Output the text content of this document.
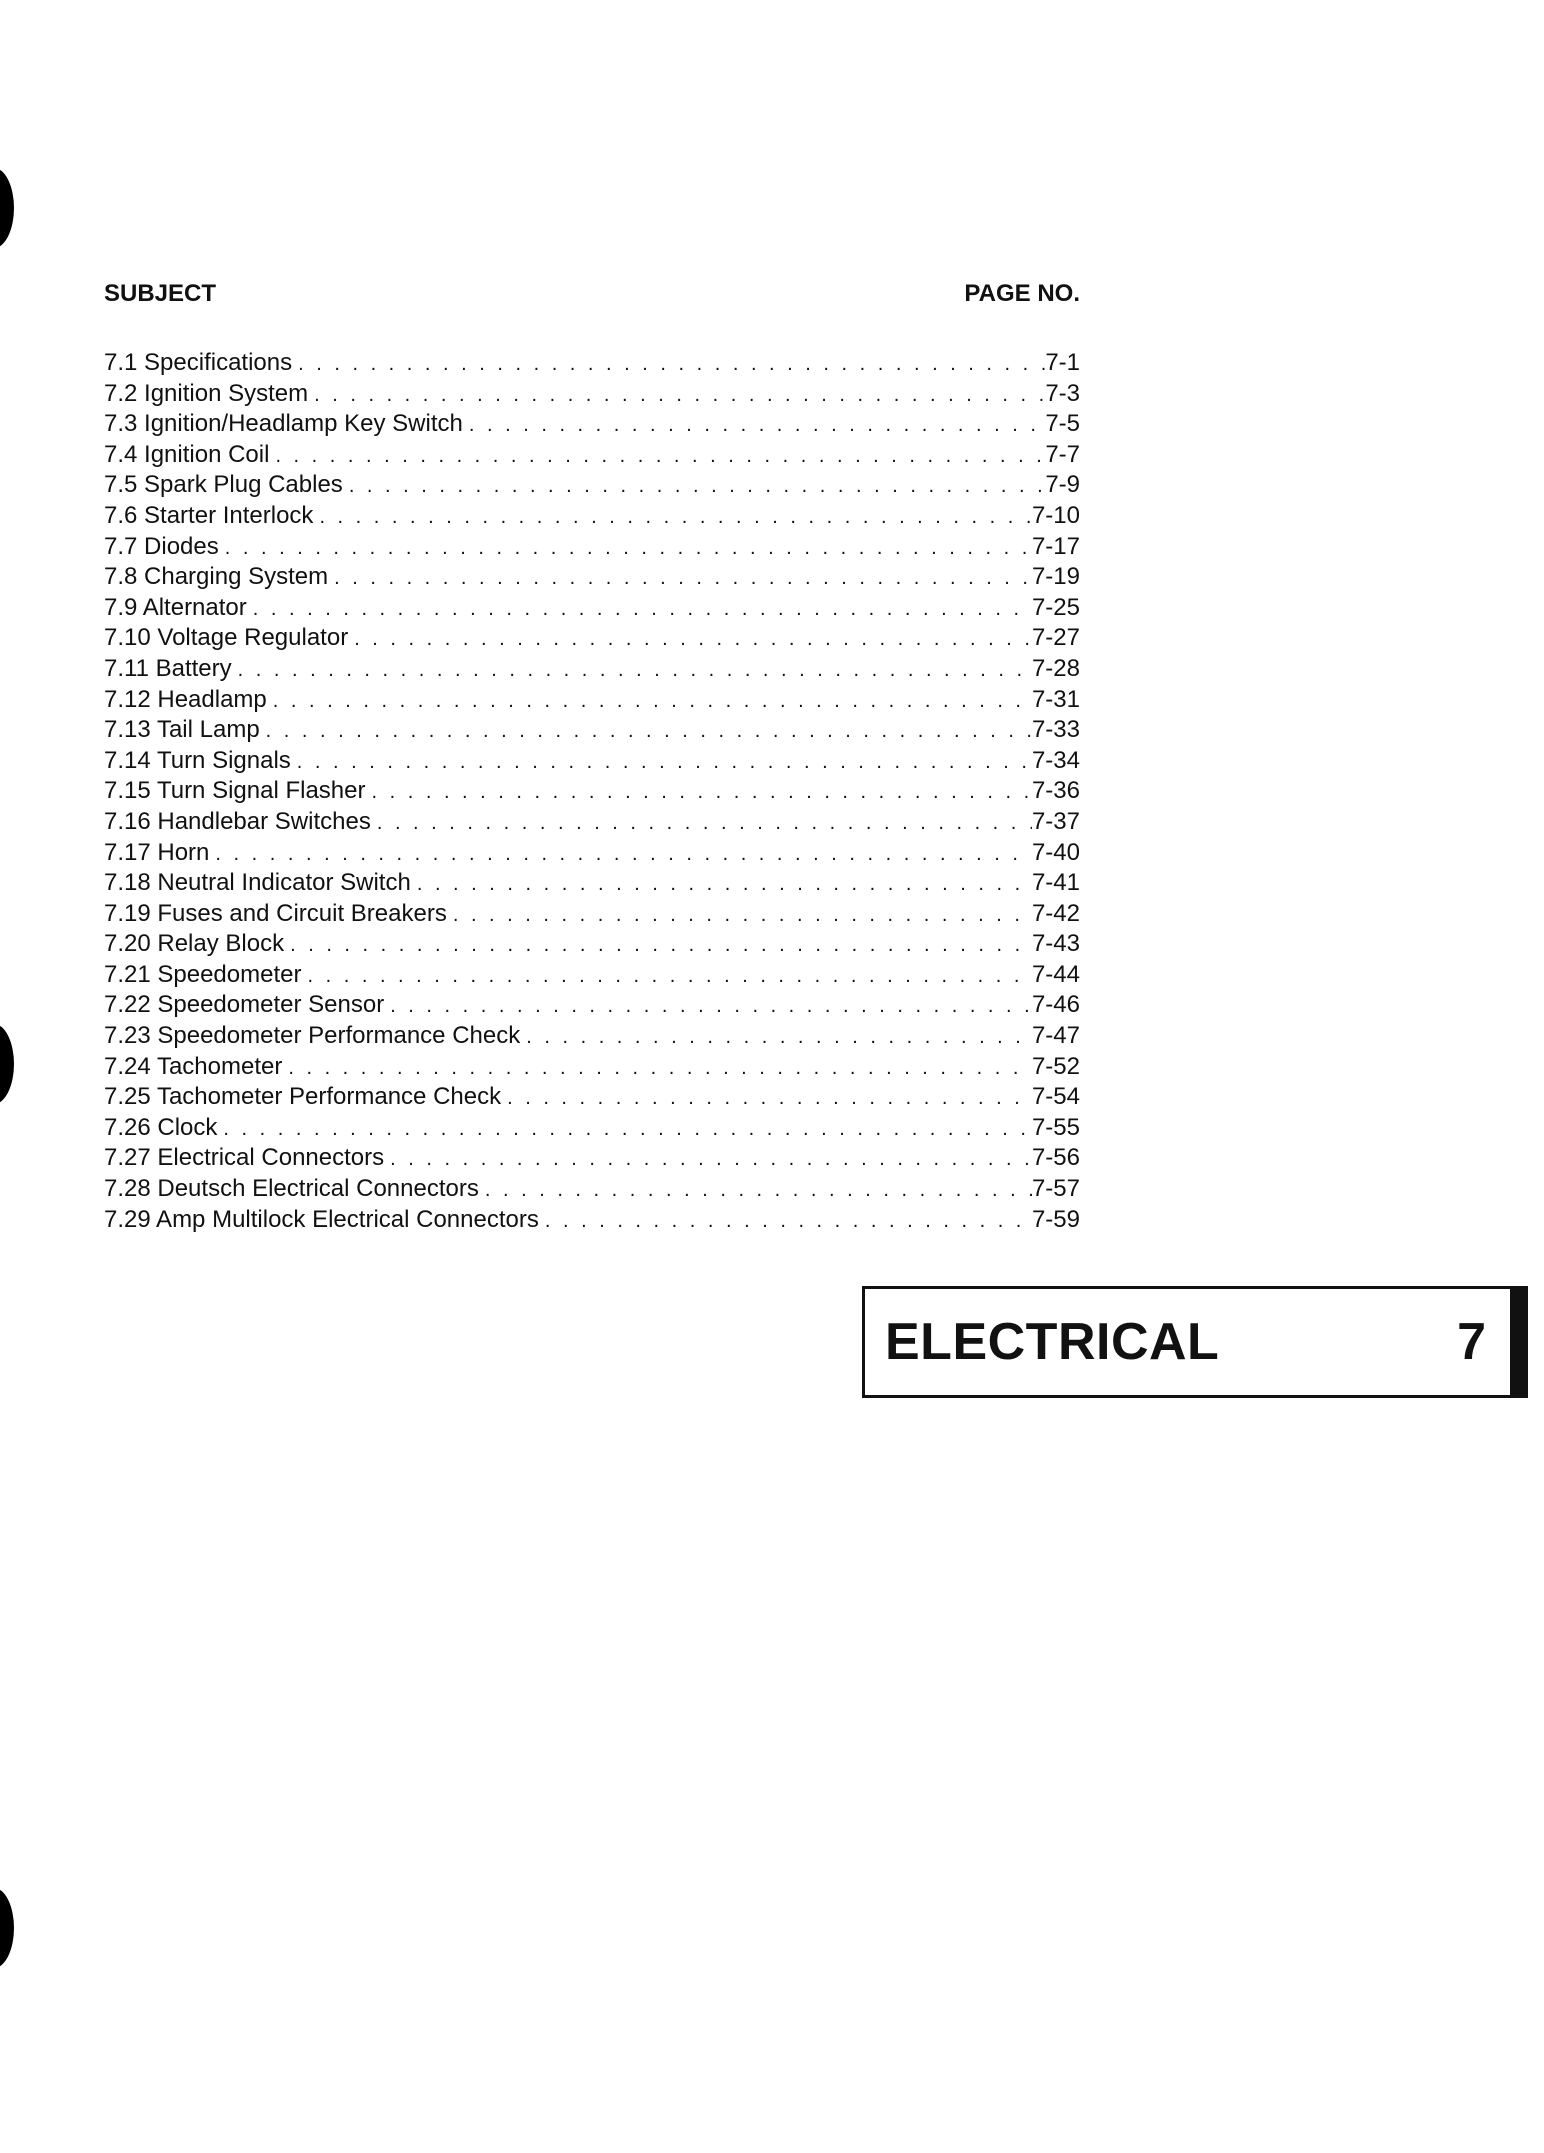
SUBJECT	PAGE NO.
7.1 Specifications . . .	7-1
7.2 Ignition System . . .	7-3
7.3 Ignition/Headlamp Key Switch . . .	7-5
7.4 Ignition Coil . . .	7-7
7.5 Spark Plug Cables . . .	7-9
7.6 Starter Interlock . . .	7-10
7.7 Diodes . . .	7-17
7.8 Charging System . . .	7-19
7.9 Alternator . . .	7-25
7.10 Voltage Regulator . . .	7-27
7.11 Battery . . .	7-28
7.12 Headlamp . . .	7-31
7.13 Tail Lamp . . .	7-33
7.14 Turn Signals . . .	7-34
7.15 Turn Signal Flasher . . .	7-36
7.16 Handlebar Switches . . .	7-37
7.17 Horn . . .	7-40
7.18 Neutral Indicator Switch . . .	7-41
7.19 Fuses and Circuit Breakers . . .	7-42
7.20 Relay Block . . .	7-43
7.21 Speedometer . . .	7-44
7.22 Speedometer Sensor . . .	7-46
7.23 Speedometer Performance Check . . .	7-47
7.24 Tachometer . . .	7-52
7.25 Tachometer Performance Check . . .	7-54
7.26 Clock . . .	7-55
7.27 Electrical Connectors . . .	7-56
7.28 Deutsch Electrical Connectors . . .	7-57
7.29 Amp Multilock Electrical Connectors . . .	7-59
ELECTRICAL	7
